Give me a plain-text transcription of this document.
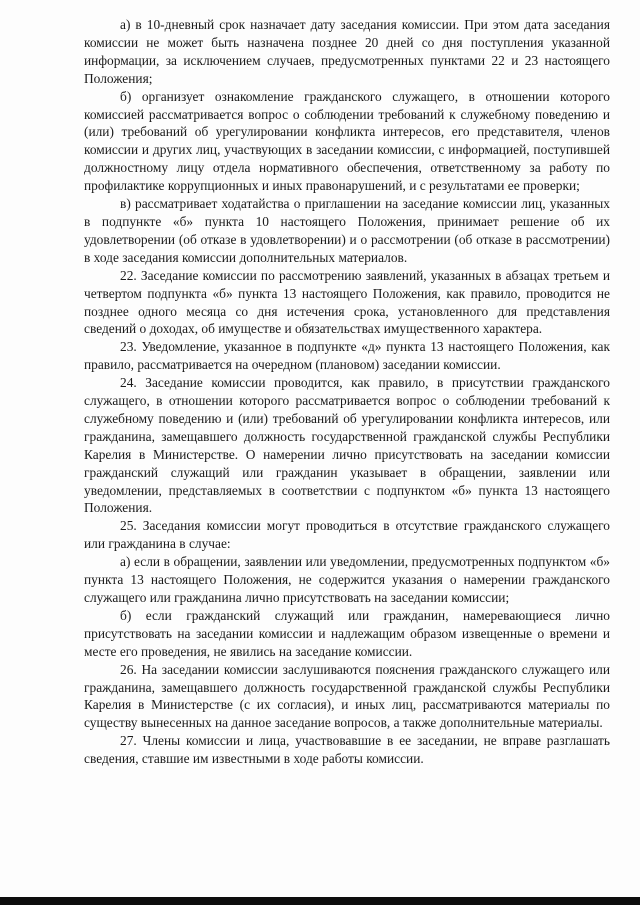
а) в 10-дневный срок назначает дату заседания комиссии. При этом дата заседания комиссии не может быть назначена позднее 20 дней со дня поступления указанной информации, за исключением случаев, предусмотренных пунктами 22 и 23 настоящего Положения;

б) организует ознакомление гражданского служащего, в отношении которого комиссией рассматривается вопрос о соблюдении требований к служебному поведению и (или) требований об урегулировании конфликта интересов, его представителя, членов комиссии и других лиц, участвующих в заседании комиссии, с информацией, поступившей должностному лицу отдела нормативного обеспечения, ответственному за работу по профилактике коррупционных и иных правонарушений, и с результатами ее проверки;

в) рассматривает ходатайства о приглашении на заседание комиссии лиц, указанных в подпункте «б» пункта 10 настоящего Положения, принимает решение об их удовлетворении (об отказе в удовлетворении) и о рассмотрении (об отказе в рассмотрении) в ходе заседания комиссии дополнительных материалов.

22. Заседание комиссии по рассмотрению заявлений, указанных в абзацах третьем и четвертом подпункта «б» пункта 13 настоящего Положения, как правило, проводится не позднее одного месяца со дня истечения срока, установленного для представления сведений о доходах, об имуществе и обязательствах имущественного характера.

23. Уведомление, указанное в подпункте «д» пункта 13 настоящего Положения, как правило, рассматривается на очередном (плановом) заседании комиссии.

24. Заседание комиссии проводится, как правило, в присутствии гражданского служащего, в отношении которого рассматривается вопрос о соблюдении требований к служебному поведению и (или) требований об урегулировании конфликта интересов, или гражданина, замещавшего должность государственной гражданской службы Республики Карелия в Министерстве. О намерении лично присутствовать на заседании комиссии гражданский служащий или гражданин указывает в обращении, заявлении или уведомлении, представляемых в соответствии с подпунктом «б» пункта 13 настоящего Положения.

25. Заседания комиссии могут проводиться в отсутствие гражданского служащего или гражданина в случае:

а) если в обращении, заявлении или уведомлении, предусмотренных подпунктом «б» пункта 13 настоящего Положения, не содержится указания о намерении гражданского служащего или гражданина лично присутствовать на заседании комиссии;

б) если гражданский служащий или гражданин, намеревающиеся лично присутствовать на заседании комиссии и надлежащим образом извещенные о времени и месте его проведения, не явились на заседание комиссии.

26. На заседании комиссии заслушиваются пояснения гражданского служащего или гражданина, замещавшего должность государственной гражданской службы Республики Карелия в Министерстве (с их согласия), и иных лиц, рассматриваются материалы по существу вынесенных на данное заседание вопросов, а также дополнительные материалы.

27. Члены комиссии и лица, участвовавшие в ее заседании, не вправе разглашать сведения, ставшие им известными в ходе работы комиссии.
